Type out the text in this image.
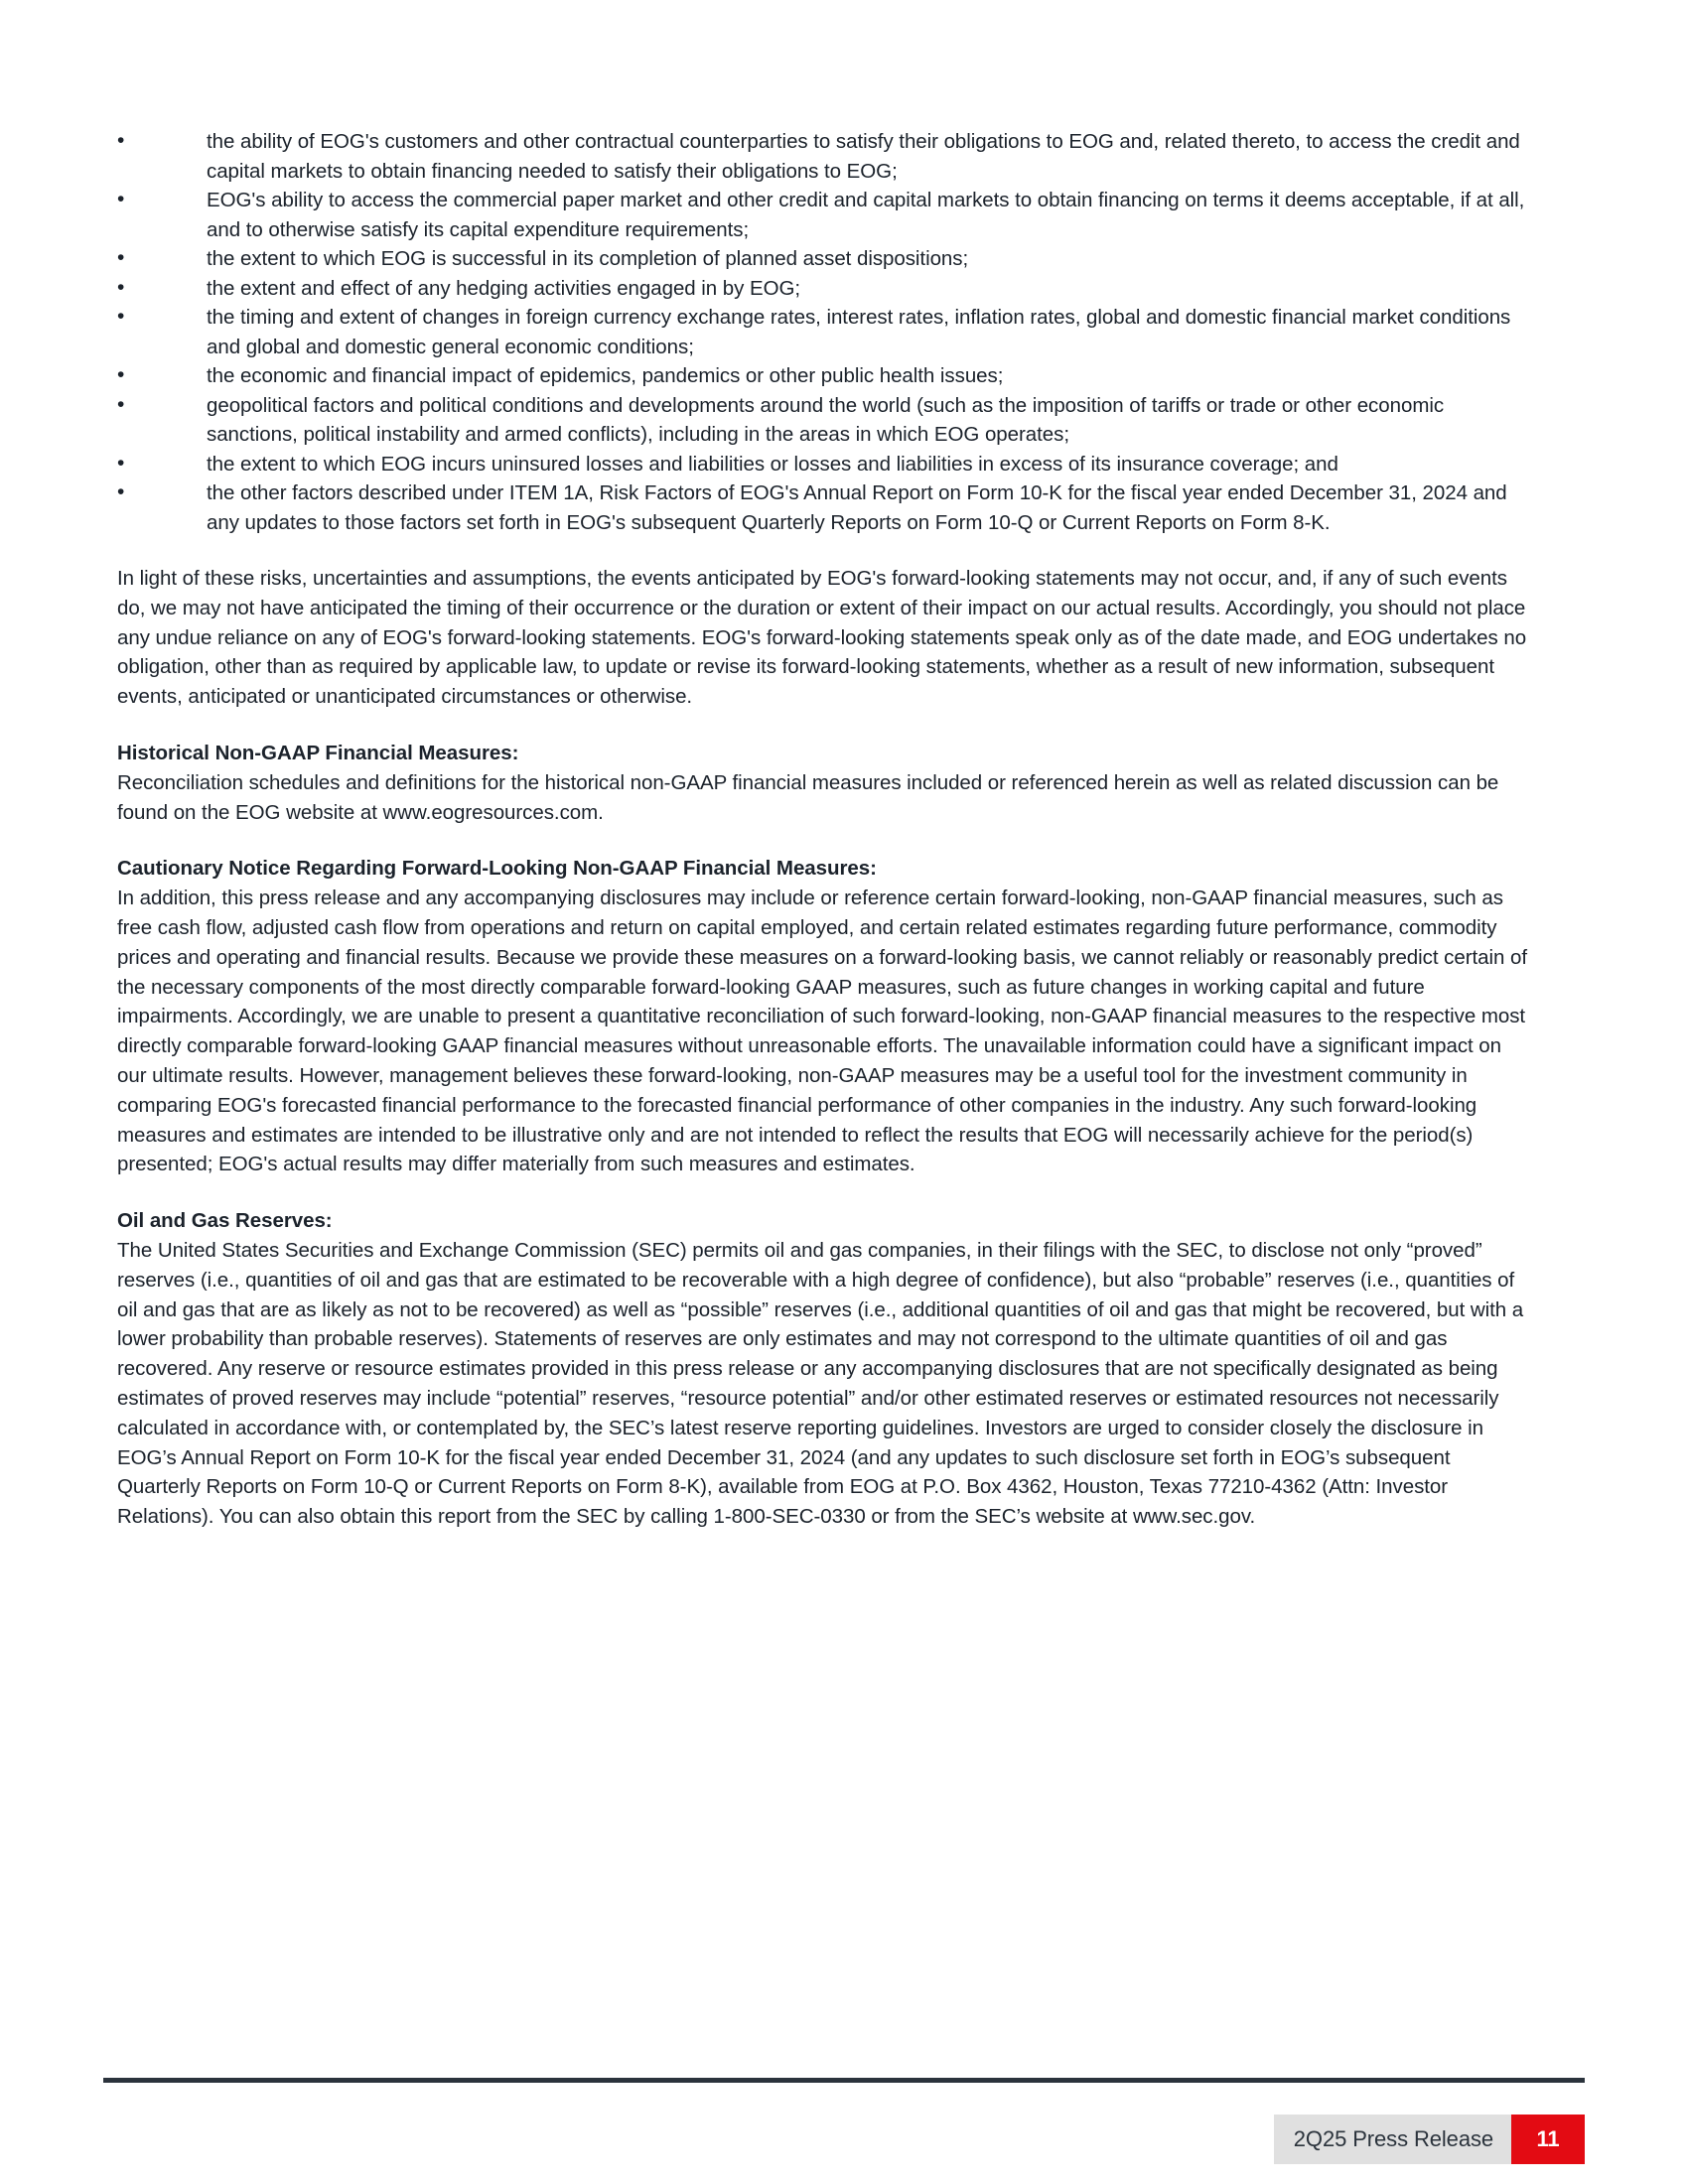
•	the ability of EOG's customers and other contractual counterparties to satisfy their obligations to EOG and, related thereto, to access the credit and capital markets to obtain financing needed to satisfy their obligations to EOG;
•	EOG's ability to access the commercial paper market and other credit and capital markets to obtain financing on terms it deems acceptable, if at all, and to otherwise satisfy its capital expenditure requirements;
•	the extent to which EOG is successful in its completion of planned asset dispositions;
•	the extent and effect of any hedging activities engaged in by EOG;
•	the timing and extent of changes in foreign currency exchange rates, interest rates, inflation rates, global and domestic financial market conditions and global and domestic general economic conditions;
•	the economic and financial impact of epidemics, pandemics or other public health issues;
•	geopolitical factors and political conditions and developments around the world (such as the imposition of tariffs or trade or other economic sanctions, political instability and armed conflicts), including in the areas in which EOG operates;
•	the extent to which EOG incurs uninsured losses and liabilities or losses and liabilities in excess of its insurance coverage; and
•	the other factors described under ITEM 1A, Risk Factors of EOG's Annual Report on Form 10-K for the fiscal year ended December 31, 2024 and any updates to those factors set forth in EOG's subsequent Quarterly Reports on Form 10-Q or Current Reports on Form 8-K.

In light of these risks, uncertainties and assumptions, the events anticipated by EOG's forward-looking statements may not occur, and, if any of such events do, we may not have anticipated the timing of their occurrence or the duration or extent of their impact on our actual results. Accordingly, you should not place any undue reliance on any of EOG's forward-looking statements. EOG's forward-looking statements speak only as of the date made, and EOG undertakes no obligation, other than as required by applicable law, to update or revise its forward-looking statements, whether as a result of new information, subsequent events, anticipated or unanticipated circumstances or otherwise.

Historical Non-GAAP Financial Measures:

Reconciliation schedules and definitions for the historical non-GAAP financial measures included or referenced herein as well as related discussion can be found on the EOG website at www.eogresources.com.

Cautionary Notice Regarding Forward-Looking Non-GAAP Financial Measures:

In addition, this press release and any accompanying disclosures may include or reference certain forward-looking, non-GAAP financial measures, such as free cash flow, adjusted cash flow from operations and return on capital employed, and certain related estimates regarding future performance, commodity prices and operating and financial results. Because we provide these measures on a forward-looking basis, we cannot reliably or reasonably predict certain of the necessary components of the most directly comparable forward-looking GAAP measures, such as future changes in working capital and future impairments. Accordingly, we are unable to present a quantitative reconciliation of such forward-looking, non-GAAP financial measures to the respective most directly comparable forward-looking GAAP financial measures without unreasonable efforts. The unavailable information could have a significant impact on our ultimate results. However, management believes these forward-looking, non-GAAP measures may be a useful tool for the investment community in comparing EOG's forecasted financial performance to the forecasted financial performance of other companies in the industry. Any such forward-looking measures and estimates are intended to be illustrative only and are not intended to reflect the results that EOG will necessarily achieve for the period(s) presented; EOG's actual results may differ materially from such measures and estimates.

Oil and Gas Reserves:

The United States Securities and Exchange Commission (SEC) permits oil and gas companies, in their filings with the SEC, to disclose not only “proved” reserves (i.e., quantities of oil and gas that are estimated to be recoverable with a high degree of confidence), but also “probable” reserves (i.e., quantities of oil and gas that are as likely as not to be recovered) as well as “possible” reserves (i.e., additional quantities of oil and gas that might be recovered, but with a lower probability than probable reserves). Statements of reserves are only estimates and may not correspond to the ultimate quantities of oil and gas recovered. Any reserve or resource estimates provided in this press release or any accompanying disclosures that are not specifically designated as being estimates of proved reserves may include “potential” reserves, “resource potential” and/or other estimated reserves or estimated resources not necessarily calculated in accordance with, or contemplated by, the SEC’s latest reserve reporting guidelines. Investors are urged to consider closely the disclosure in EOG’s Annual Report on Form 10-K for the fiscal year ended December 31, 2024 (and any updates to such disclosure set forth in EOG’s subsequent Quarterly Reports on Form 10-Q or Current Reports on Form 8-K), available from EOG at P.O. Box 4362, Houston, Texas 77210-4362 (Attn: Investor Relations). You can also obtain this report from the SEC by calling 1-800-SEC-0330 or from the SEC’s website at www.sec.gov.

2Q25 Press Release	11
